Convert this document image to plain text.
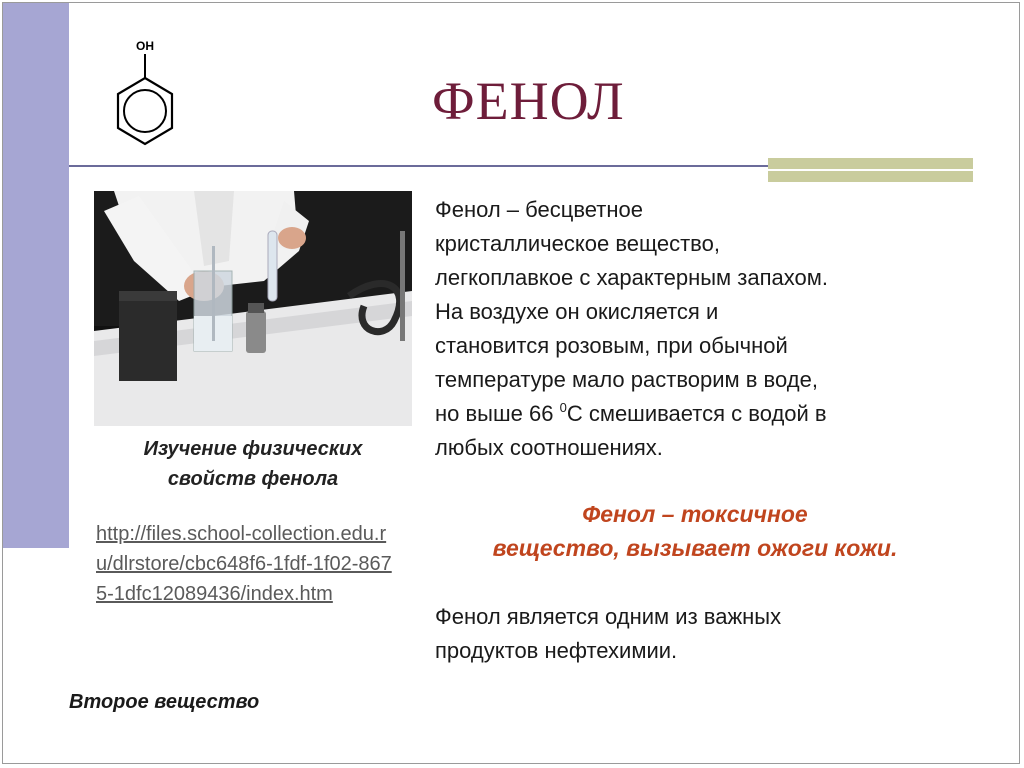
OH
ФЕНОЛ
Изучение физических
свойств фенола
http://files.school-collection.edu.ru/dlrstore/cbc648f6-1fdf-1f02-8675-1dfc12089436/index.htm
Второе вещество
Фенол – бесцветное
кристаллическое вещество,
легкоплавкое с характерным запахом.
На воздухе он окисляется и
становится розовым, при обычной
температуре мало растворим в воде,
но выше 66 $^0$С смешивается с водой в
любых соотношениях.
Фенол – токсичное
вещество, вызывает ожоги кожи.
Фенол является одним из важных
продуктов нефтехимии.
